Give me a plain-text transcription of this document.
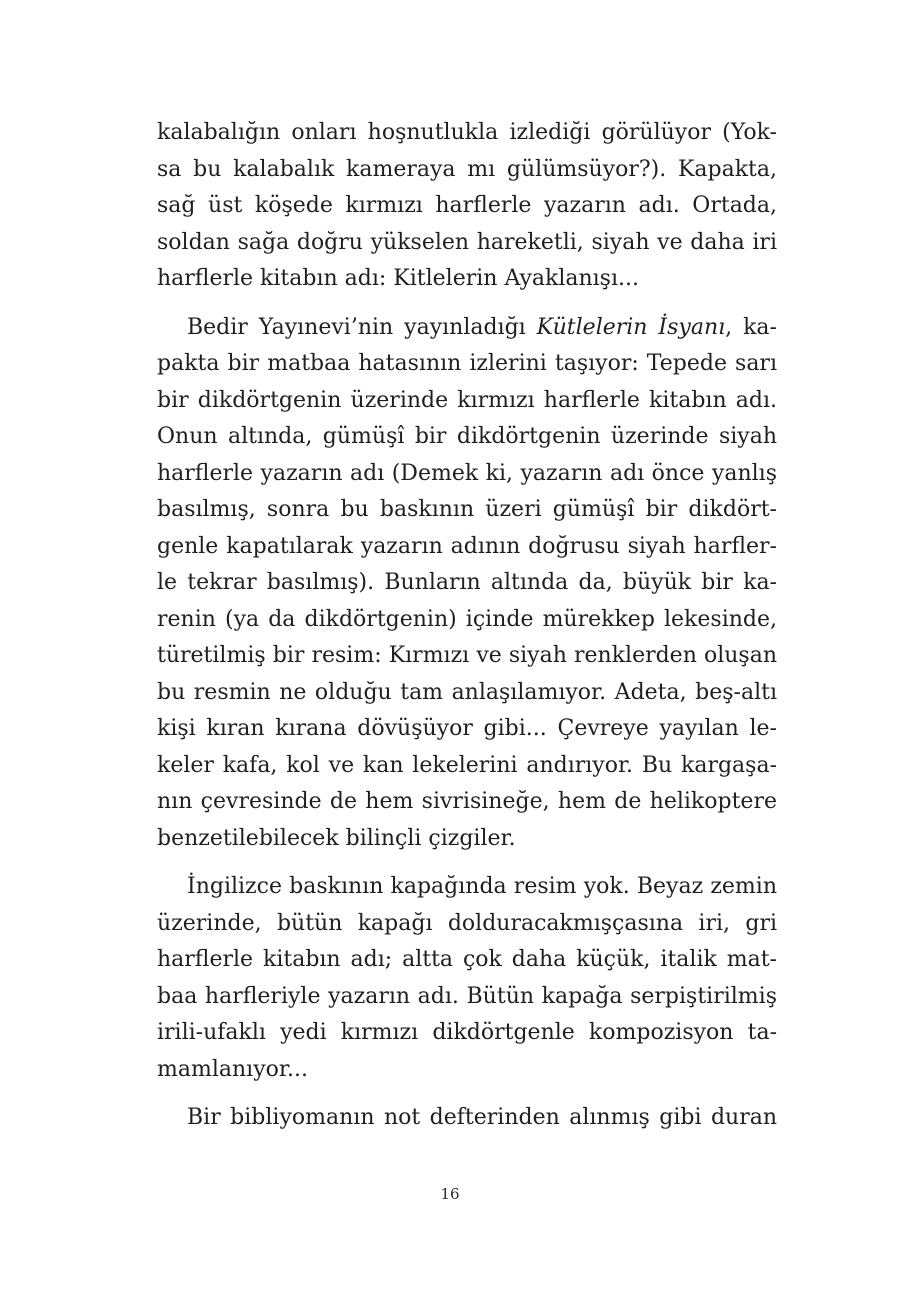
kalabalığın onları hoşnutlukla izlediği görülüyor (Yok-
sa bu kalabalık kameraya mı gülümsüyor?). Kapakta,
sağ üst köşede kırmızı harflerle yazarın adı. Ortada,
soldan sağa doğru yükselen hareketli, siyah ve daha iri
harflerle kitabın adı: Kitlelerin Ayaklanışı...
Bedir Yayınevi’nin yayınladığı Kütlelerin İsyanı, ka-
pakta bir matbaa hatasının izlerini taşıyor: Tepede sarı
bir dikdörtgenin üzerinde kırmızı harflerle kitabın adı.
Onun altında, gümüşî bir dikdörtgenin üzerinde siyah
harflerle yazarın adı (Demek ki, yazarın adı önce yanlış
basılmış, sonra bu baskının üzeri gümüşî bir dikdört-
genle kapatılarak yazarın adının doğrusu siyah harfler-
le tekrar basılmış). Bunların altında da, büyük bir ka-
renin (ya da dikdörtgenin) içinde mürekkep lekesinde,
türetilmiş bir resim: Kırmızı ve siyah renklerden oluşan
bu resmin ne olduğu tam anlaşılamıyor. Adeta, beş-altı
kişi kıran kırana dövüşüyor gibi... Çevreye yayılan le-
keler kafa, kol ve kan lekelerini andırıyor. Bu kargaşa-
nın çevresinde de hem sivrisineğe, hem de helikoptere
benzetilebilecek bilinçli çizgiler.
İngilizce baskının kapağında resim yok. Beyaz zemin
üzerinde, bütün kapağı dolduracakmışçasına iri, gri
harflerle kitabın adı; altta çok daha küçük, italik mat-
baa harfleriyle yazarın adı. Bütün kapağa serpiştirilmiş
irili-ufaklı yedi kırmızı dikdörtgenle kompozisyon ta-
mamlanıyor...
Bir bibliyomanın not defterinden alınmış gibi duran
16
